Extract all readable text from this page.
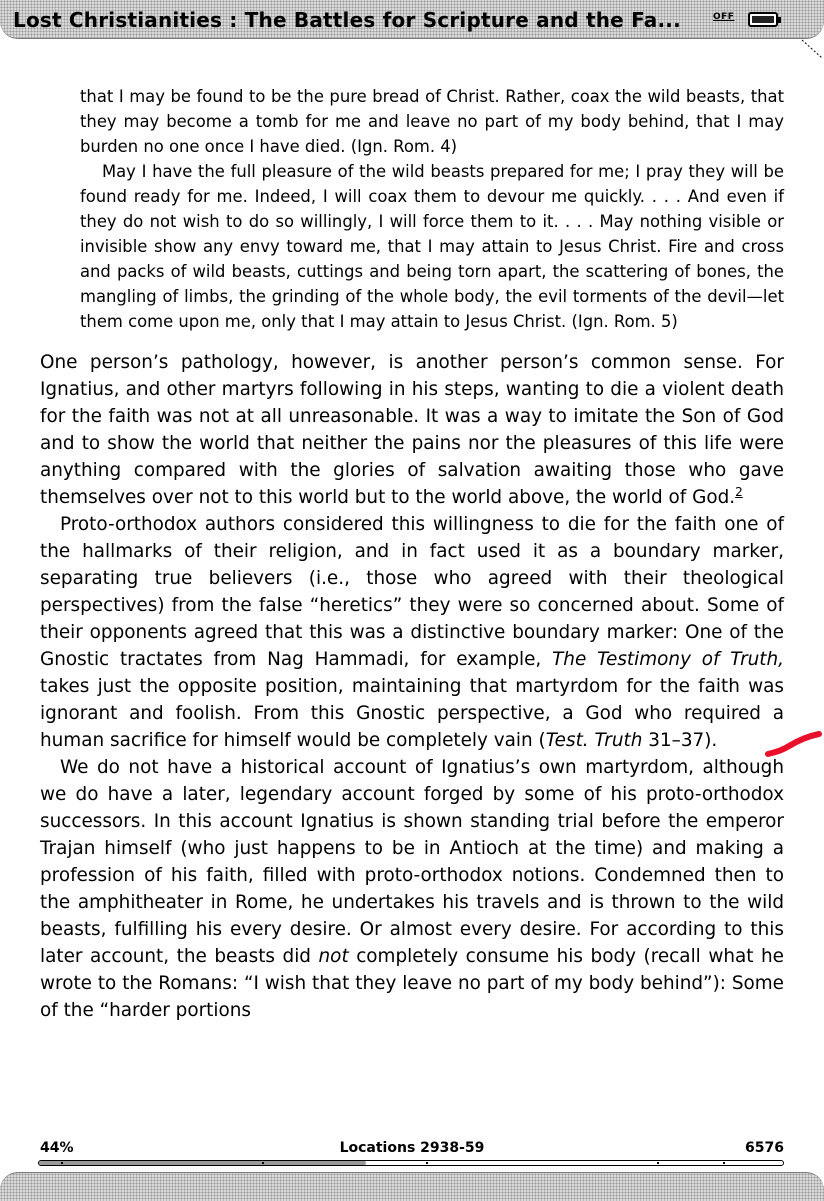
Lost Christianities : The Battles for Scripture and the Fa...	OFF

that I may be found to be the pure bread of Christ. Rather, coax the wild beasts, that they may become a tomb for me and leave no part of my body behind, that I may burden no one once I have died. (Ign. Rom. 4)

May I have the full pleasure of the wild beasts prepared for me; I pray they will be found ready for me. Indeed, I will coax them to devour me quickly. . . . And even if they do not wish to do so willingly, I will force them to it. . . . May nothing visible or invisible show any envy toward me, that I may attain to Jesus Christ. Fire and cross and packs of wild beasts, cuttings and being torn apart, the scattering of bones, the mangling of limbs, the grinding of the whole body, the evil torments of the devil—let them come upon me, only that I may attain to Jesus Christ. (Ign. Rom. 5)

One person’s pathology, however, is another person’s common sense. For Ignatius, and other martyrs following in his steps, wanting to die a violent death for the faith was not at all unreasonable. It was a way to imitate the Son of God and to show the world that neither the pains nor the pleasures of this life were anything compared with the glories of salvation awaiting those who gave themselves over not to this world but to the world above, the world of God.$^2$

Proto-orthodox authors considered this willingness to die for the faith one of the hallmarks of their religion, and in fact used it as a boundary marker, separating true believers (i.e., those who agreed with their theological perspectives) from the false “heretics” they were so concerned about. Some of their opponents agreed that this was a distinctive boundary marker: One of the Gnostic tractates from Nag Hammadi, for example, The Testimony of Truth, takes just the opposite position, maintaining that martyrdom for the faith was ignorant and foolish. From this Gnostic perspective, a God who required a human sacrifice for himself would be completely vain (Test. Truth 31–37).

We do not have a historical account of Ignatius’s own martyrdom, although we do have a later, legendary account forged by some of his proto-orthodox successors. In this account Ignatius is shown standing trial before the emperor Trajan himself (who just happens to be in Antioch at the time) and making a profession of his faith, filled with proto-orthodox notions. Condemned then to the amphitheater in Rome, he undertakes his travels and is thrown to the wild beasts, fulfilling his every desire. Or almost every desire. For according to this later account, the beasts did not completely consume his body (recall what he wrote to the Romans: “I wish that they leave no part of my body behind”): Some of the “harder portions

44%	Locations 2938-59	6576
